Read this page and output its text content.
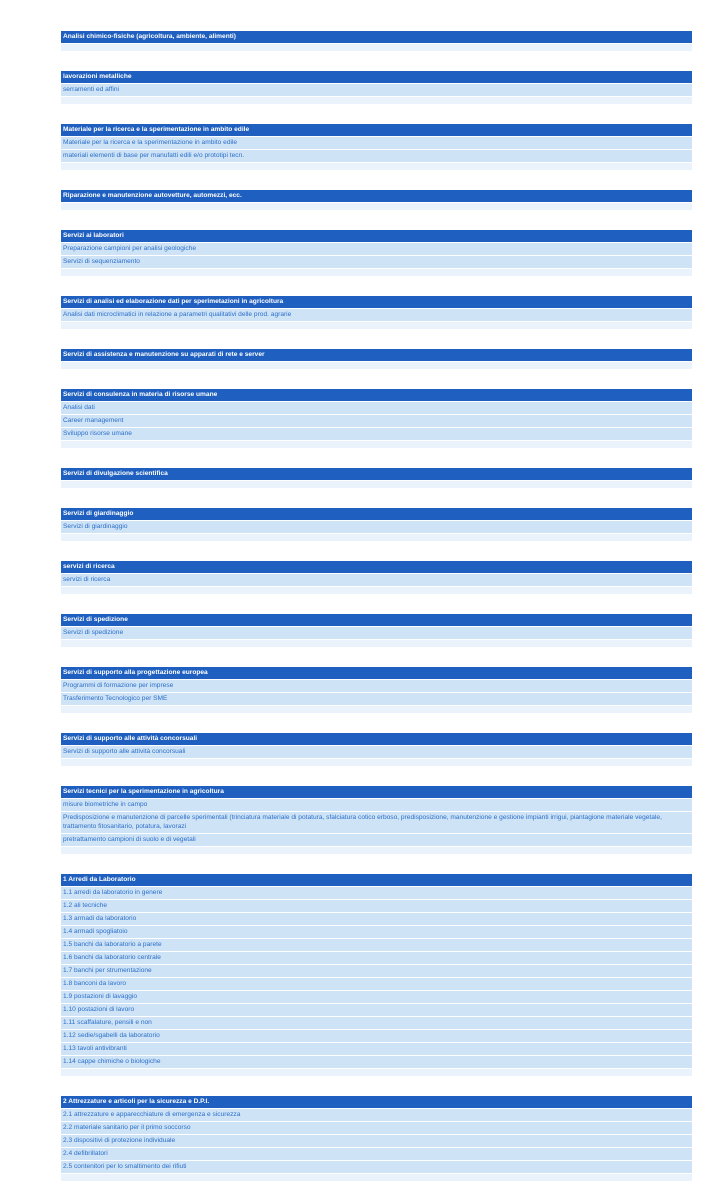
Analisi chimico-fisiche (agricoltura, ambiente, alimenti)
lavorazioni metalliche
serramenti ed affini
Materiale per la ricerca e la sperimentazione in ambito edile
Materiale per la ricerca e la sperimentazione in ambito edile
materiali elementi di base per manufatti edili e/o prototipi tecn.
Riparazione e manutenzione autovetture, automezzi, ecc.
Servizi ai laboratori
Preparazione campioni per analisi geologiche
Servizi di sequenziamento
Servizi di analisi ed elaborazione dati per sperimetazioni in agricoltura
Analisi dati microclimatici in relazione a parametri qualitativi delle prod. agrarie
Servizi di assistenza e manutenzione su apparati di rete e server
Servizi di consulenza in materia di risorse umane
Analisi dati
Career management
Sviluppo risorse umane
Servizi di divulgazione scientifica
Servizi di giardinaggio
Servizi di giardinaggio
servizi di ricerca
servizi di ricerca
Servizi di spedizione
Servizi di spedizione
Servizi di supporto alla progettazione europea
Programmi di formazione per imprese
Trasferimento Tecnologico per SME
Servizi di supporto alle attività concorsuali
Servizi di supporto alle attività concorsuali
Servizi tecnici per la sperimentazione in agricoltura
misure biometriche in campo
Predisposizione e manutenzione di parcelle sperimentali (trinciatura materiale di potatura, sfalciatura cotico erboso, predisposizione, manutenzione e gestione impianti irrigui, piantagione materiale vegetale, trattamento fitosanitario, potatura, lavorazi
pretrattamento campioni di suolo e di vegetali
1 Arredi da Laboratorio
1.1 arredi da laboratorio in genere
1.2 ali tecniche
1.3 armadi da laboratorio
1.4 armadi spogliatoio
1.5 banchi da laboratorio a parete
1.6 banchi da laboratorio centrale
1.7 banchi per strumentazione
1.8 banconi da lavoro
1.9 postazioni di lavaggio
1.10 postazioni di lavoro
1.11 scaffalature, pensili e non
1.12 sedie/sgabelli da laboratorio
1.13 tavoli antivibranti
1.14 cappe chimiche o biologiche
2 Attrezzature e articoli per la sicurezza e D.P.I.
2.1 attrezzature e apparecchiature di emergenza e sicurezza
2.2 materiale sanitario per il primo soccorso
2.3 dispositivi di protezione individuale
2.4 defibrillatori
2.5 contenitori per lo smaltimento dei rifiuti
